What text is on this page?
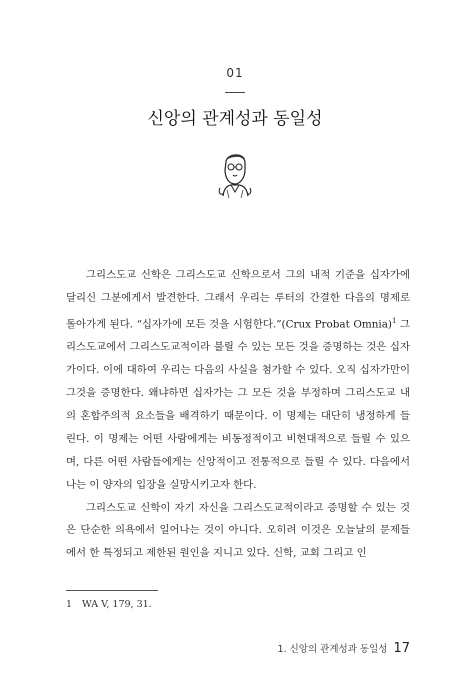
01
신앙의 관계성과 동일성

그리스도교 신학은 그리스도교 신학으로서 그의 내적 기준을 십자가에 달리신 그분에게서 발견한다. 그래서 우리는 루터의 간결한 다음의 명제로 돌아가게 된다. “십자가에 모든 것을 시험한다.”(Crux Probat Omnia)$^1$ 그리스도교에서 그리스도교적이라 불릴 수 있는 모든 것을 증명하는 것은 십자가이다. 이에 대하여 우리는 다음의 사실을 첨가할 수 있다. 오직 십자가만이 그것을 증명한다. 왜냐하면 십자가는 그 모든 것을 부정하며 그리스도교 내의 혼합주의적 요소들을 배격하기 때문이다. 이 명제는 대단히 냉정하게 들린다. 이 명제는 어떤 사람에게는 비동정적이고 비현대적으로 들릴 수 있으며, 다른 어떤 사람들에게는 신앙적이고 전통적으로 들릴 수 있다. 다음에서 나는 이 양자의 입장을 실망시키고자 한다.

그리스도교 신학이 자기 자신을 그리스도교적이라고 증명할 수 있는 것은 단순한 의욕에서 일어나는 것이 아니다. 오히려 이것은 오늘날의 문제들에서 한 특정되고 제한된 원인을 지니고 있다. 신학, 교회 그리고 인

1 WA V, 179, 31.
1. 신앙의 관계성과 동일성 17
